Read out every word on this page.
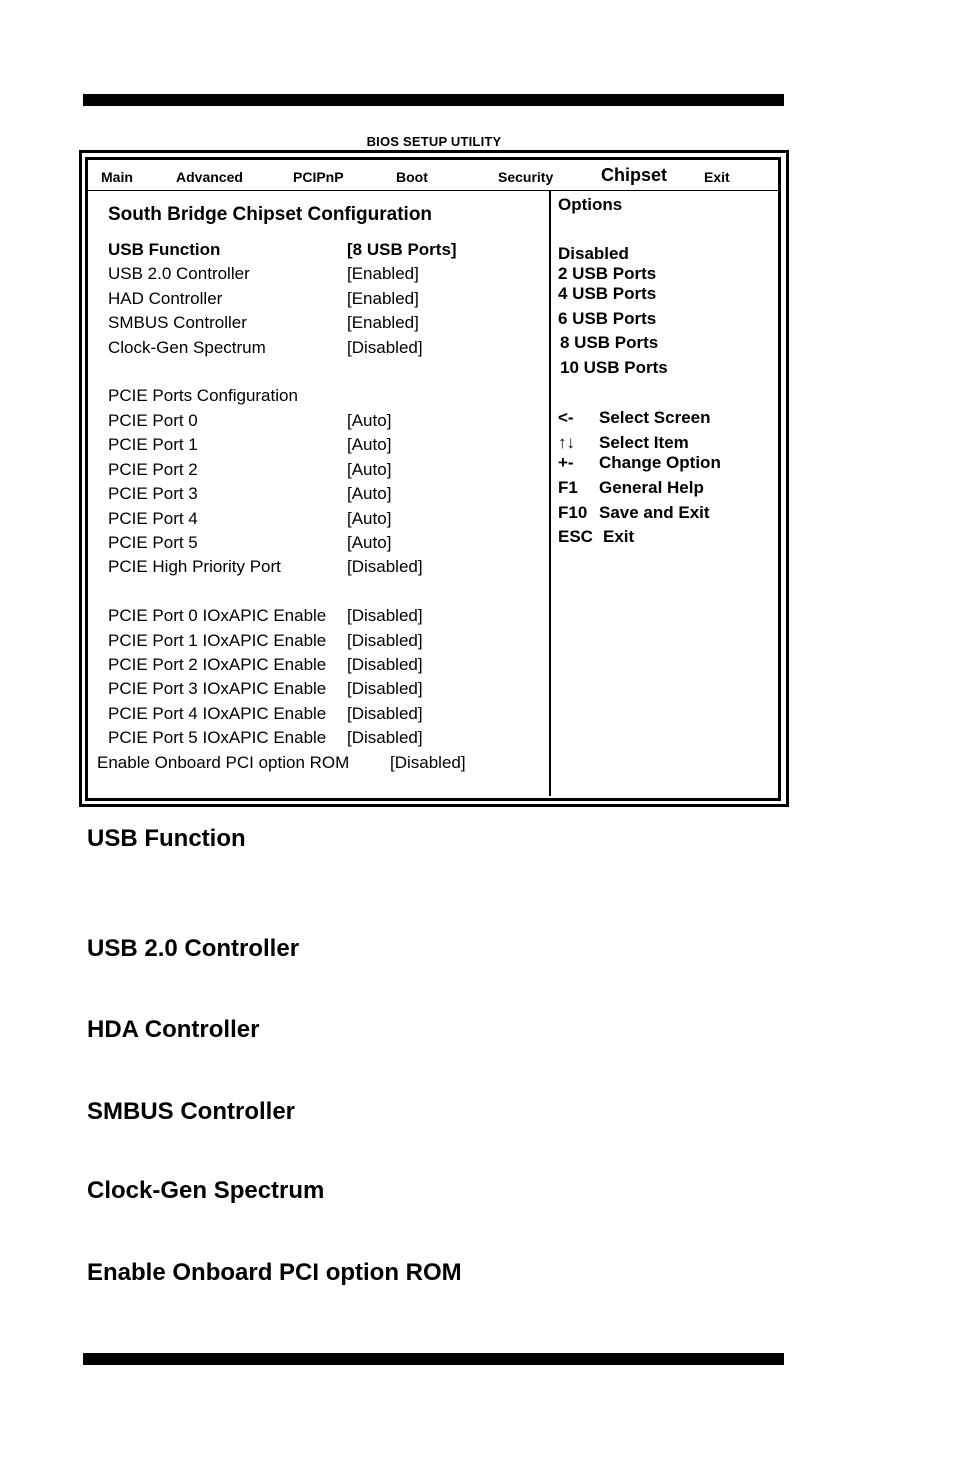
BIOS SETUP UTILITY
Main	Advanced	PCIPnP	Boot	Security	Chipset	Exit
South Bridge Chipset Configuration
USB Function	[8 USB Ports]
USB 2.0 Controller	[Enabled]
HAD Controller	[Enabled]
SMBUS Controller	[Enabled]
Clock-Gen Spectrum	[Disabled]
PCIE Ports Configuration
PCIE Port 0	[Auto]
PCIE Port 1	[Auto]
PCIE Port 2	[Auto]
PCIE Port 3	[Auto]
PCIE Port 4	[Auto]
PCIE Port 5	[Auto]
PCIE High Priority Port	[Disabled]
PCIE Port 0 IOxAPIC Enable [Disabled]
PCIE Port 1 IOxAPIC Enable [Disabled]
PCIE Port 2 IOxAPIC Enable [Disabled]
PCIE Port 3 IOxAPIC Enable [Disabled]
PCIE Port 4 IOxAPIC Enable [Disabled]
PCIE Port 5 IOxAPIC Enable [Disabled]
Enable Onboard PCI option ROM [Disabled]
Options
Disabled
2 USB Ports
4 USB Ports
6 USB Ports
8 USB Ports
10 USB Ports
<- Select Screen
↑↓ Select Item
+- Change Option
F1 General Help
F10 Save and Exit
ESC Exit
USB Function
USB 2.0 Controller
HDA Controller
SMBUS Controller
Clock-Gen Spectrum
Enable Onboard PCI option ROM
